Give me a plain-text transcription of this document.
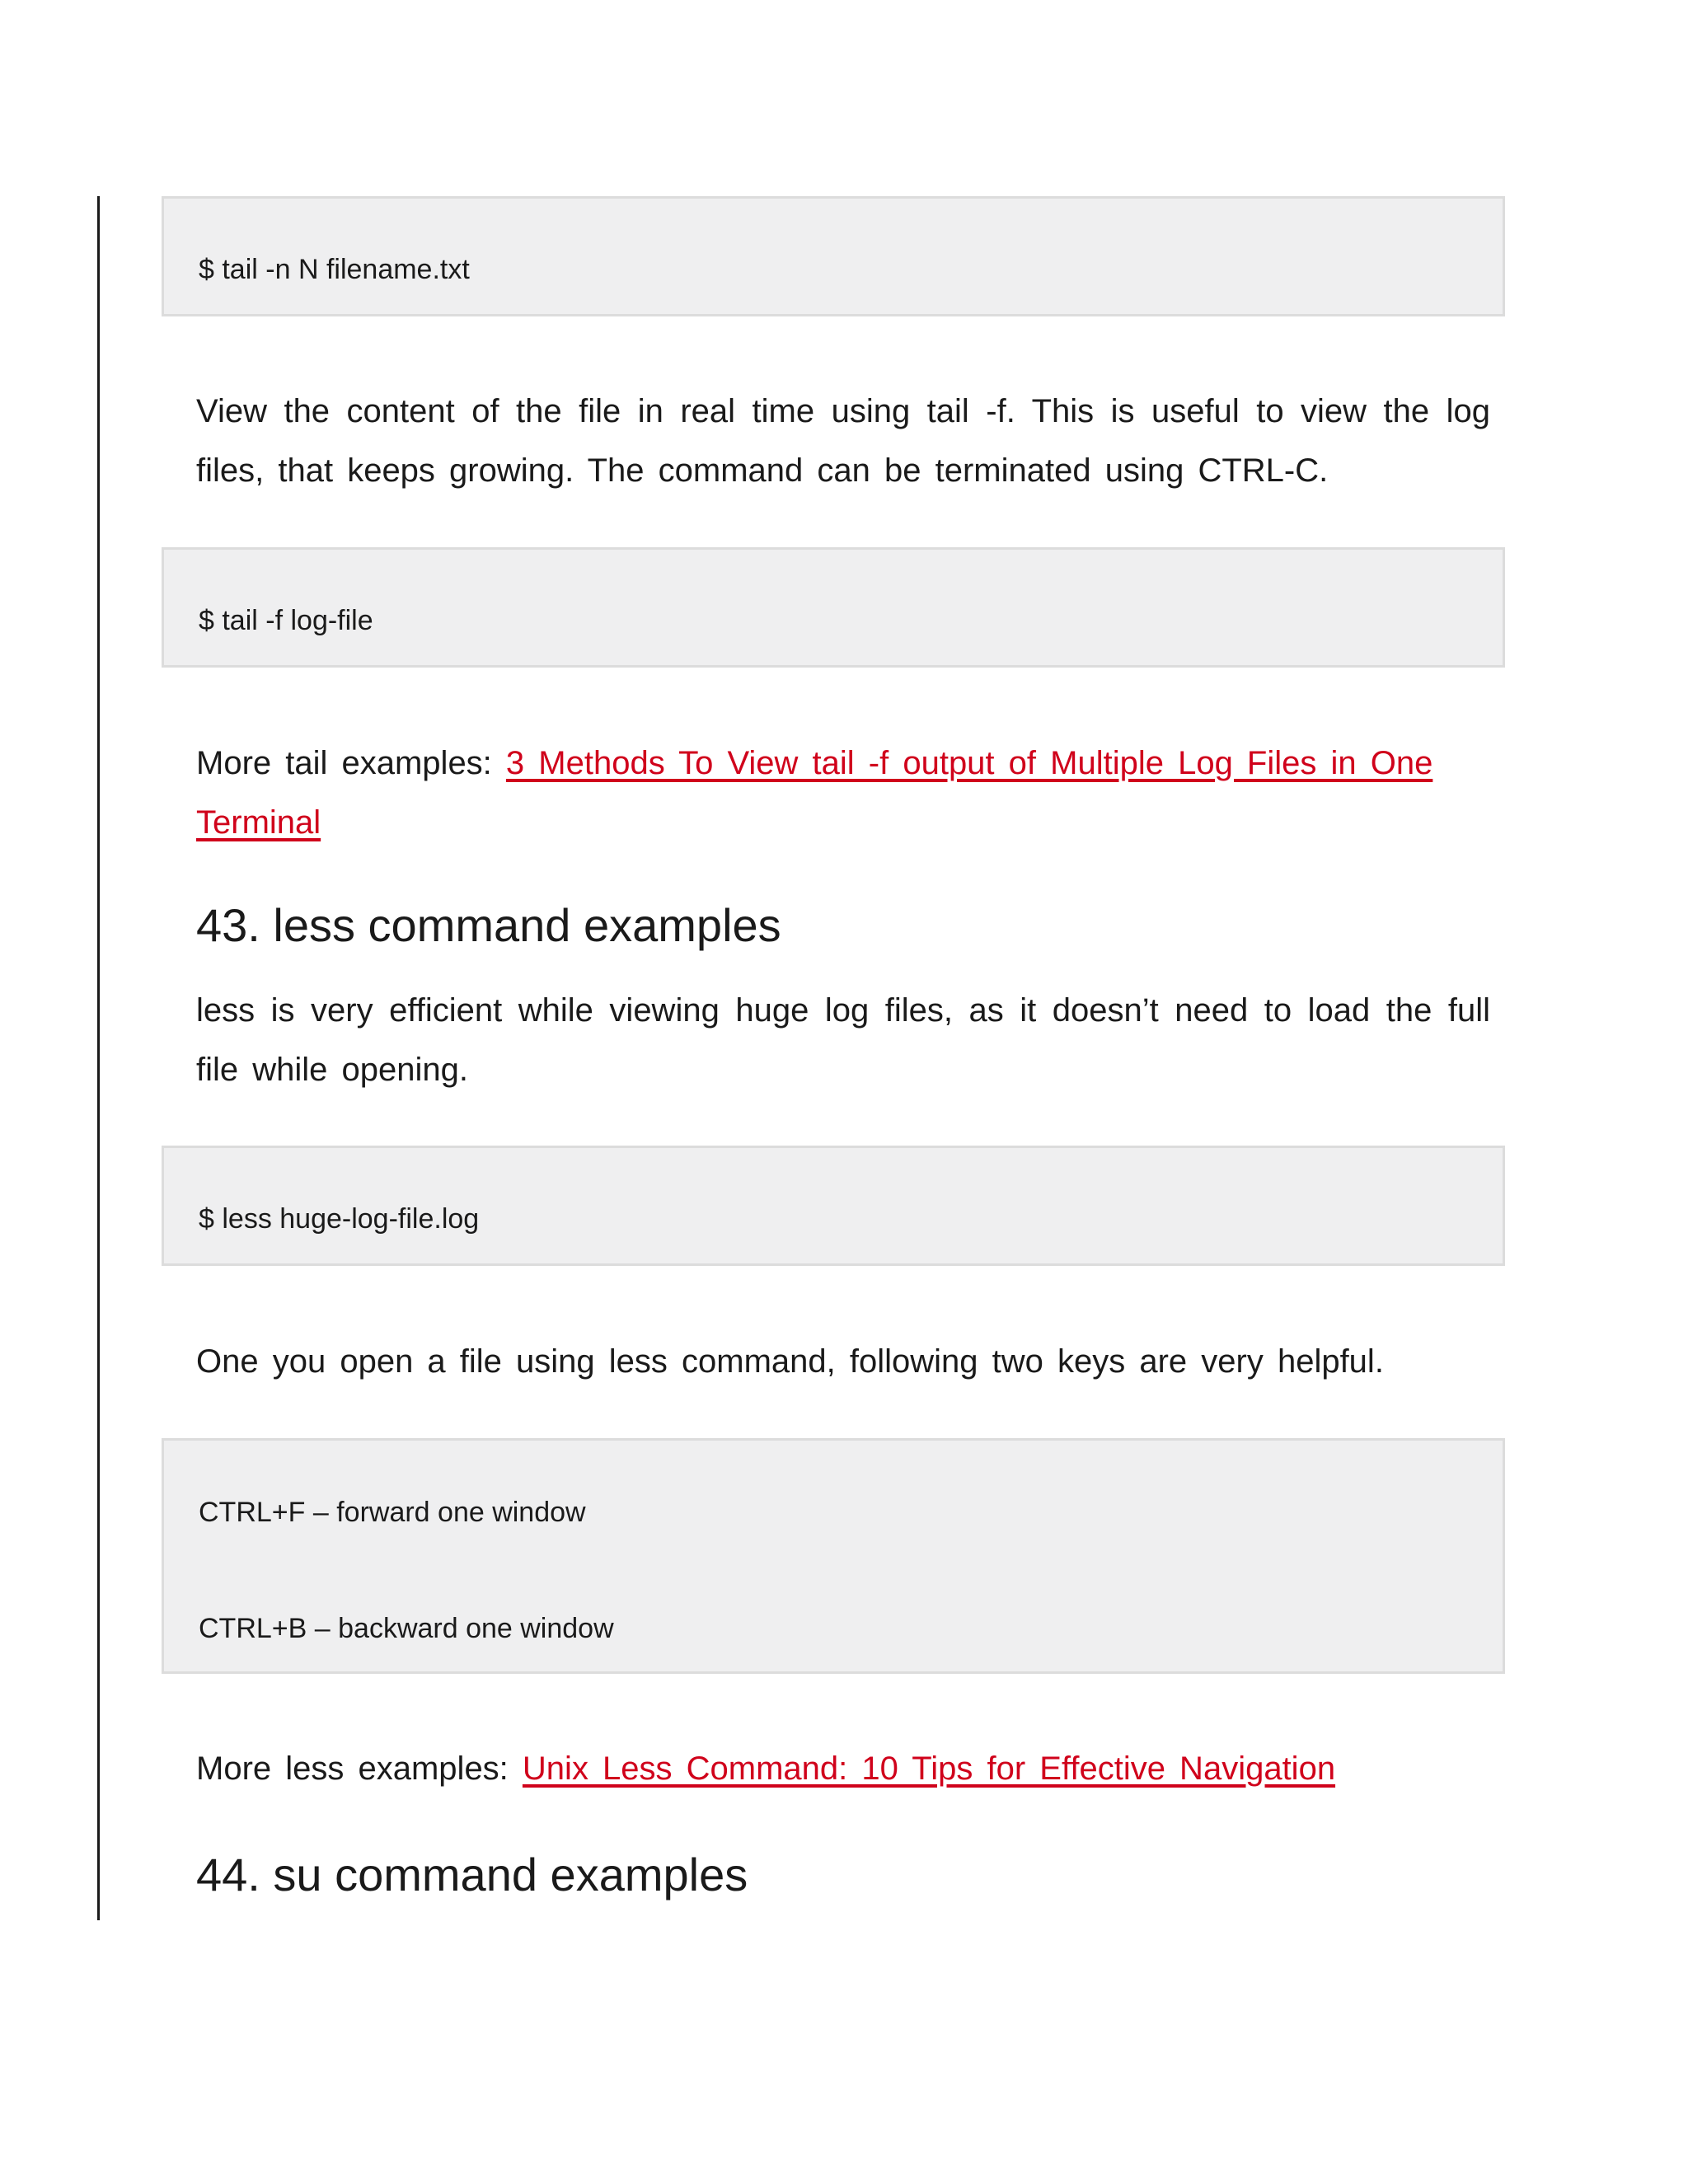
$ tail -n N filename.txt

View the content of the file in real time using tail -f. This is useful to view the log files, that keeps growing. The command can be terminated using CTRL-C.

$ tail -f log-file

More tail examples: 3 Methods To View tail -f output of Multiple Log Files in One Terminal

43. less command examples

less is very efficient while viewing huge log files, as it doesn’t need to load the full file while opening.

$ less huge-log-file.log

One you open a file using less command, following two keys are very helpful.

CTRL+F – forward one window
CTRL+B – backward one window

More less examples: Unix Less Command: 10 Tips for Effective Navigation

44. su command examples
